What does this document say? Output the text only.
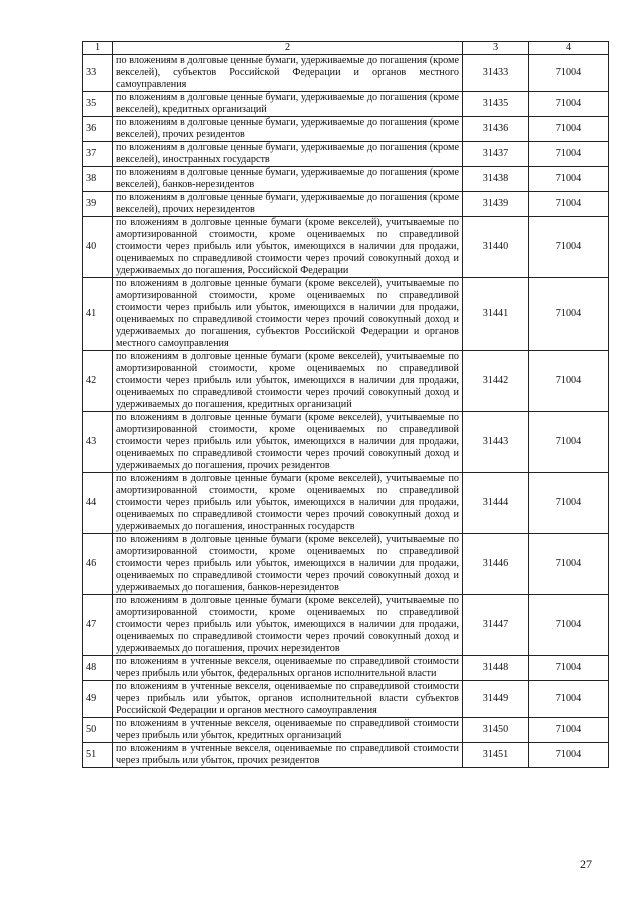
1	2	3	4
33	по вложениям в долговые ценные бумаги, удерживаемые до погашения (кроме векселей), субъектов Российской Федерации и органов местного самоуправления	31433	71004
35	по вложениям в долговые ценные бумаги, удерживаемые до погашения (кроме векселей), кредитных организаций	31435	71004
36	по вложениям в долговые ценные бумаги, удерживаемые до погашения (кроме векселей), прочих резидентов	31436	71004
37	по вложениям в долговые ценные бумаги, удерживаемые до погашения (кроме векселей), иностранных государств	31437	71004
38	по вложениям в долговые ценные бумаги, удерживаемые до погашения (кроме векселей), банков-нерезидентов	31438	71004
39	по вложениям в долговые ценные бумаги, удерживаемые до погашения (кроме векселей), прочих нерезидентов	31439	71004
40	по вложениям в долговые ценные бумаги (кроме векселей), учитываемые по амортизированной стоимости, кроме оцениваемых по справедливой стоимости через прибыль или убыток, имеющихся в наличии для продажи, оцениваемых по справедливой стоимости через прочий совокупный доход и удерживаемых до погашения, Российской Федерации	31440	71004
41	по вложениям в долговые ценные бумаги (кроме векселей), учитываемые по амортизированной стоимости, кроме оцениваемых по справедливой стоимости через прибыль или убыток, имеющихся в наличии для продажи, оцениваемых по справедливой стоимости через прочий совокупный доход и удерживаемых до погашения, субъектов Российской Федерации и органов местного самоуправления	31441	71004
42	по вложениям в долговые ценные бумаги (кроме векселей), учитываемые по амортизированной стоимости, кроме оцениваемых по справедливой стоимости через прибыль или убыток, имеющихся в наличии для продажи, оцениваемых по справедливой стоимости через прочий совокупный доход и удерживаемых до погашения, кредитных организаций	31442	71004
43	по вложениям в долговые ценные бумаги (кроме векселей), учитываемые по амортизированной стоимости, кроме оцениваемых по справедливой стоимости через прибыль или убыток, имеющихся в наличии для продажи, оцениваемых по справедливой стоимости через прочий совокупный доход и удерживаемых до погашения, прочих резидентов	31443	71004
44	по вложениям в долговые ценные бумаги (кроме векселей), учитываемые по амортизированной стоимости, кроме оцениваемых по справедливой стоимости через прибыль или убыток, имеющихся в наличии для продажи, оцениваемых по справедливой стоимости через прочий совокупный доход и удерживаемых до погашения, иностранных государств	31444	71004
46	по вложениям в долговые ценные бумаги (кроме векселей), учитываемые по амортизированной стоимости, кроме оцениваемых по справедливой стоимости через прибыль или убыток, имеющихся в наличии для продажи, оцениваемых по справедливой стоимости через прочий совокупный доход и удерживаемых до погашения, банков-нерезидентов	31446	71004
47	по вложениям в долговые ценные бумаги (кроме векселей), учитываемые по амортизированной стоимости, кроме оцениваемых по справедливой стоимости через прибыль или убыток, имеющихся в наличии для продажи, оцениваемых по справедливой стоимости через прочий совокупный доход и удерживаемых до погашения, прочих нерезидентов	31447	71004
48	по вложениям в учтенные векселя, оцениваемые по справедливой стоимости через прибыль или убыток, федеральных органов исполнительной власти	31448	71004
49	по вложениям в учтенные векселя, оцениваемые по справедливой стоимости через прибыль или убыток, органов исполнительной власти субъектов Российской Федерации и органов местного самоуправления	31449	71004
50	по вложениям в учтенные векселя, оцениваемые по справедливой стоимости через прибыль или убыток, кредитных организаций	31450	71004
51	по вложениям в учтенные векселя, оцениваемые по справедливой стоимости через прибыль или убыток, прочих резидентов	31451	71004
27
